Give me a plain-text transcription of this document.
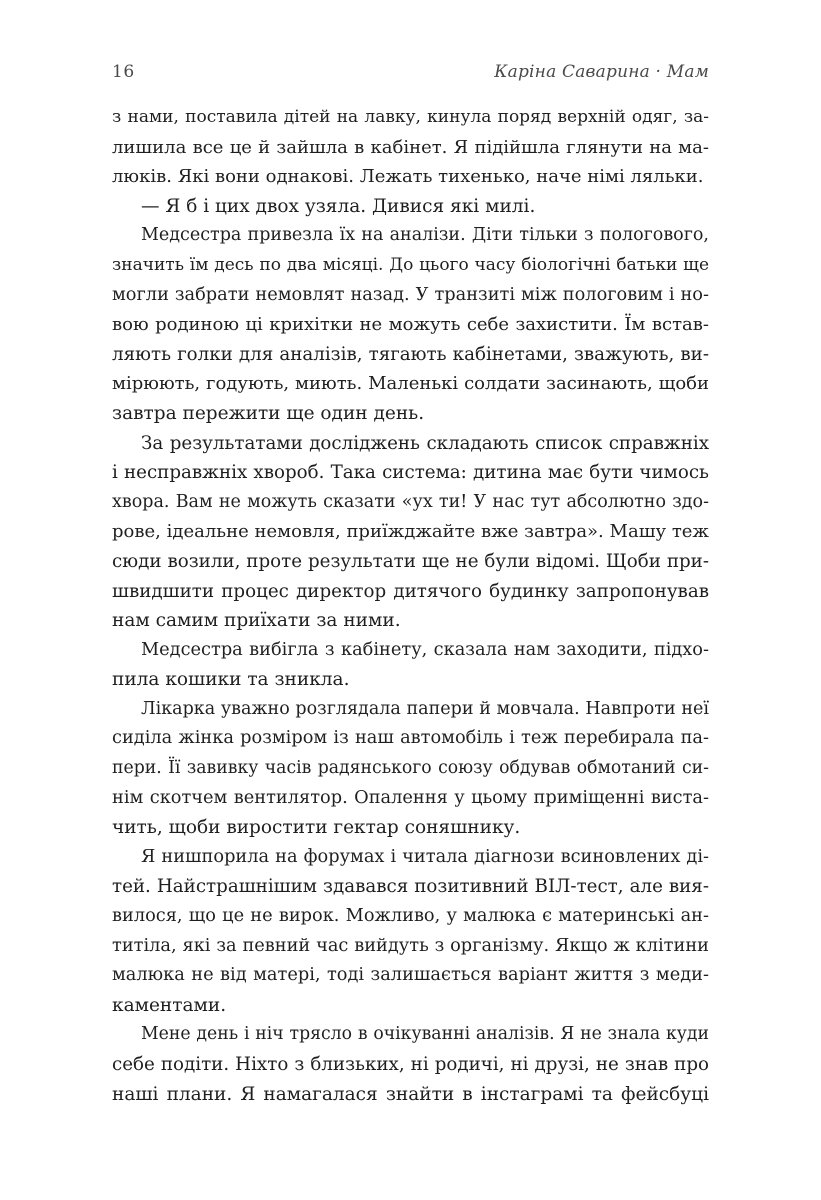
16	Каріна Саварина · Мам
з нами, поставила дітей на лавку, кинула поряд верхній одяг, за-
лишила все це й зайшла в кабінет. Я підійшла глянути на ма-
люків. Які вони однакові. Лежать тихенько, наче німі ляльки.
— Я б і цих двох узяла. Дивися які милі.
Медсестра привезла їх на аналізи. Діти тільки з пологового,
значить їм десь по два місяці. До цього часу біологічні батьки ще
могли забрати немовлят назад. У транзиті між пологовим і но-
вою родиною ці крихітки не можуть себе захистити. Їм встав-
ляють голки для аналізів, тягають кабінетами, зважують, ви-
мірюють, годують, миють. Маленькі солдати засинають, щоби
завтра пережити ще один день.
За результатами досліджень складають список справжніх
і несправжніх хвороб. Така система: дитина має бути чимось
хвора. Вам не можуть сказати «ух ти! У нас тут абсолютно здо-
рове, ідеальне немовля, приїжджайте вже завтра». Машу теж
сюди возили, проте результати ще не були відомі. Щоби при-
швидшити процес директор дитячого будинку запропонував
нам самим приїхати за ними.
Медсестра вибігла з кабінету, сказала нам заходити, підхо-
пила кошики та зникла.
Лікарка уважно розглядала папери й мовчала. Навпроти неї
сиділа жінка розміром із наш автомобіль і теж перебирала па-
пери. Її завивку часів радянського союзу обдував обмотаний си-
нім скотчем вентилятор. Опалення у цьому приміщенні виста-
чить, щоби виростити гектар соняшнику.
Я нишпорила на форумах і читала діагнози всиновлених ді-
тей. Найстрашнішим здавався позитивний ВІЛ-тест, але вия-
вилося, що це не вирок. Можливо, у малюка є материнські ан-
титіла, які за певний час вийдуть з організму. Якщо ж клітини
малюка не від матері, тоді залишається варіант життя з меди-
каментами.
Мене день і ніч трясло в очікуванні аналізів. Я не знала куди
себе подіти. Ніхто з близьких, ні родичі, ні друзі, не знав про
наші плани. Я намагалася знайти в інстаграмі та фейсбуці
